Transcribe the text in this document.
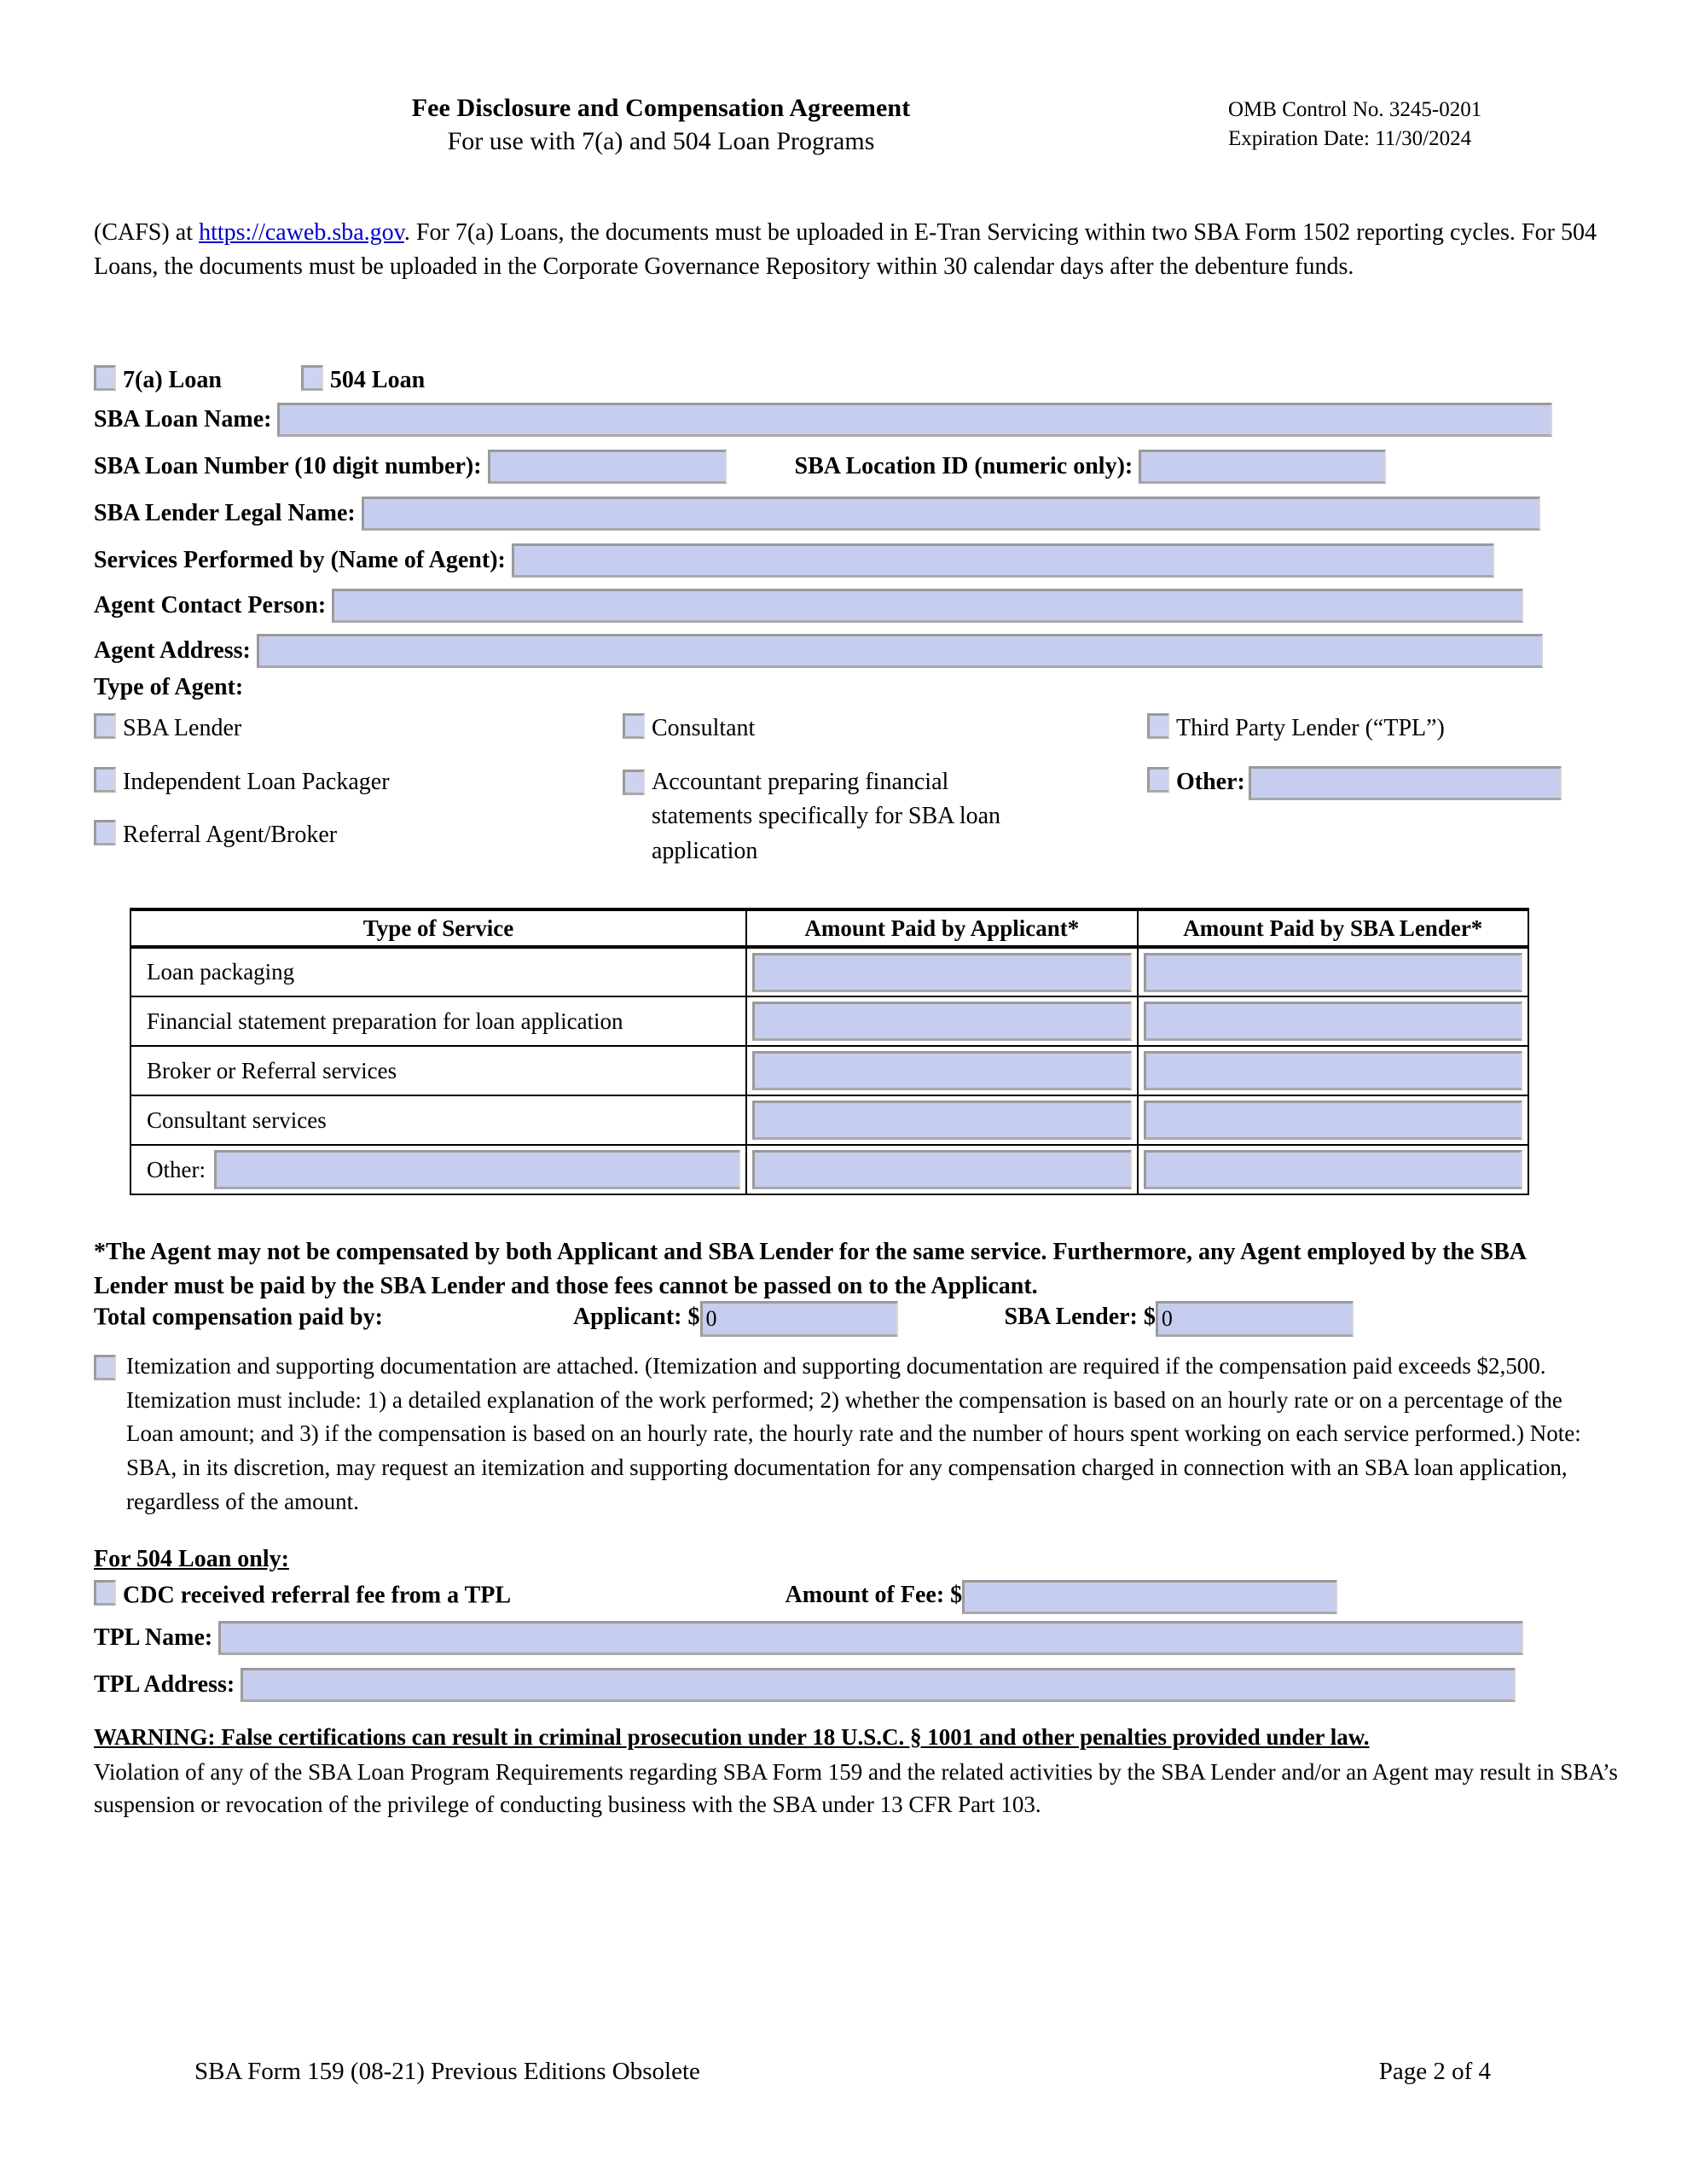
Fee Disclosure and Compensation Agreement
For use with 7(a) and 504 Loan Programs
OMB Control No. 3245-0201
Expiration Date: 11/30/2024
(CAFS) at https://caweb.sba.gov. For 7(a) Loans, the documents must be uploaded in E-Tran Servicing within two SBA Form 1502 reporting cycles. For 504 Loans, the documents must be uploaded in the Corporate Governance Repository within 30 calendar days after the debenture funds.
7(a) Loan	504 Loan
SBA Loan Name:
SBA Loan Number (10 digit number):	SBA Location ID (numeric only):
SBA Lender Legal Name:
Services Performed by (Name of Agent):
Agent Contact Person:
Agent Address:
Type of Agent:
SBA Lender
Independent Loan Packager
Referral Agent/Broker
Consultant
Accountant preparing financial statements specifically for SBA loan application
Third Party Lender (“TPL”)
Other:
Type of Service	Amount Paid by Applicant*	Amount Paid by SBA Lender*
Loan packaging	

Financial statement preparation for loan application	

Broker or Referral services	

Consultant services	

Other:		

*The Agent may not be compensated by both Applicant and SBA Lender for the same service. Furthermore, any Agent employed by the SBA Lender must be paid by the SBA Lender and those fees cannot be passed on to the Applicant.
Total compensation paid by:	Applicant: $ 0	SBA Lender: $ 0
Itemization and supporting documentation are attached. (Itemization and supporting documentation are required if the compensation paid exceeds $2,500. Itemization must include: 1) a detailed explanation of the work performed; 2) whether the compensation is based on an hourly rate or on a percentage of the Loan amount; and 3) if the compensation is based on an hourly rate, the hourly rate and the number of hours spent working on each service performed.) Note: SBA, in its discretion, may request an itemization and supporting documentation for any compensation charged in connection with an SBA loan application, regardless of the amount.
For 504 Loan only:
CDC received referral fee from a TPL	Amount of Fee: $
TPL Name:
TPL Address:
WARNING: False certifications can result in criminal prosecution under 18 U.S.C. § 1001 and other penalties provided under law.
Violation of any of the SBA Loan Program Requirements regarding SBA Form 159 and the related activities by the SBA Lender and/or an Agent may result in SBA’s suspension or revocation of the privilege of conducting business with the SBA under 13 CFR Part 103.
SBA Form 159 (08-21) Previous Editions Obsolete	Page 2 of 4
